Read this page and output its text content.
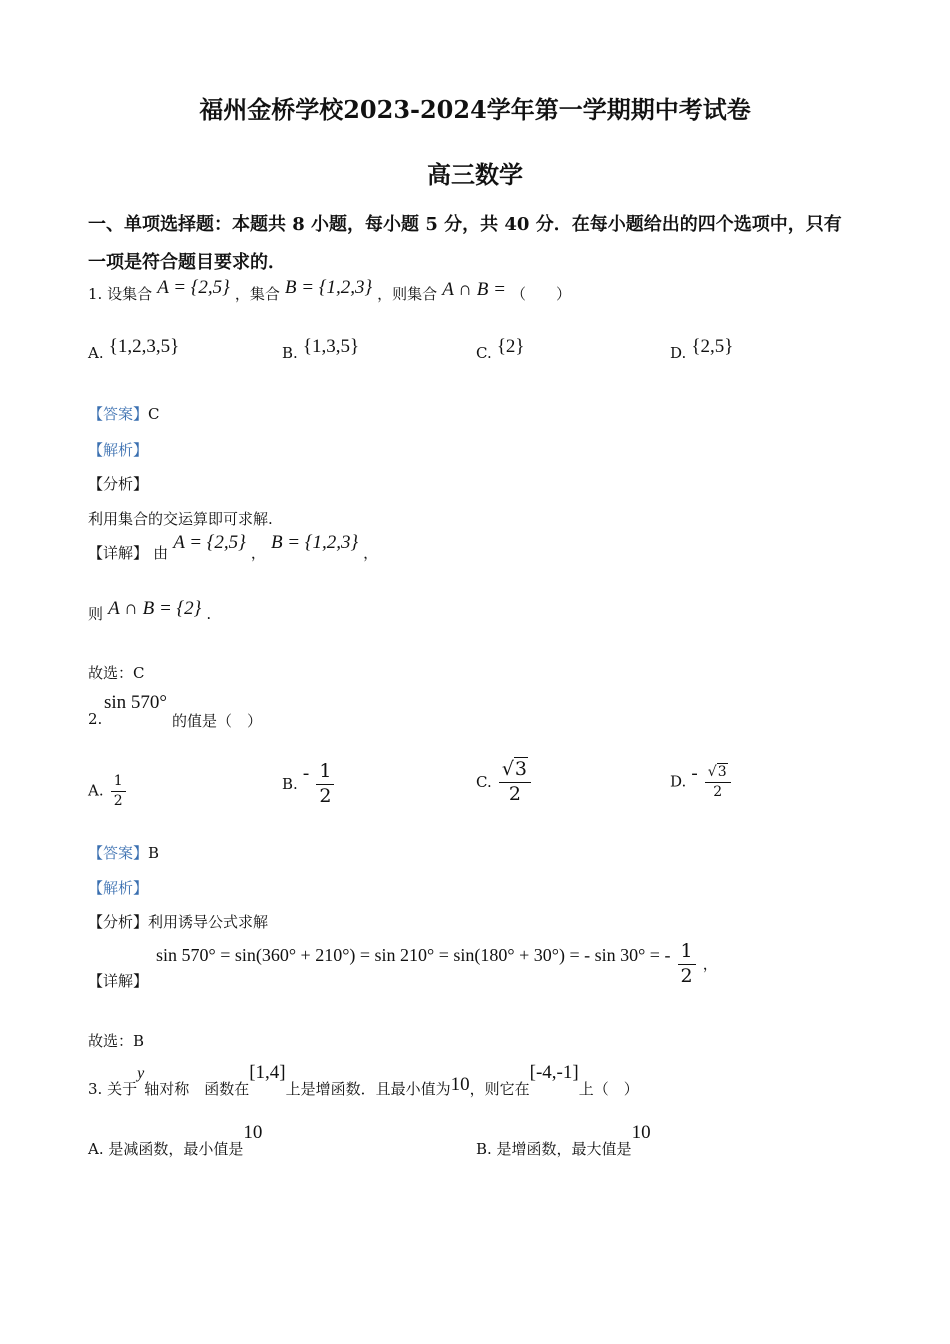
福州金桥学校2023-2024学年第一学期期中考试卷
高三数学
一、单项选择题：本题共 8 小题，每小题 5 分，共 40 分．在每小题给出的四个选项中，只有
一项是符合题目要求的．
1. 设集合 A = {2,5} ，集合 B = {1,2,3} ，则集合 A ∩ B = （　　）
A. {1,2,3,5}	B. {1,3,5}	C. {2}	D. {2,5}
【答案】C
【解析】
【分析】
利用集合的交运算即可求解.
【详解】 由 A = {2,5} ， B = {1,2,3} ，
则 A ∩ B = {2} .
故选：C
2.
sin 570°
的值是（　）
A. $\frac{1}{2}$	B. - $\frac{1}{2}$	C. $\frac{√3}{2}$	D. - $\frac{√3}{2}$
【答案】B
【解析】
【分析】利用诱导公式求解
【详解】
sin 570° = sin(360° + 210°) = sin 210° = sin(180° + 30°) = - sin 30° = - $\frac{1}{2}$ ，
故选：B
3. 关于y轴对称　函数在[1,4]上是增函数．且最小值为10，则它在[-4,-1]上（　）
A. 是减函数，最小值是10
B. 是增函数，最大值是10
